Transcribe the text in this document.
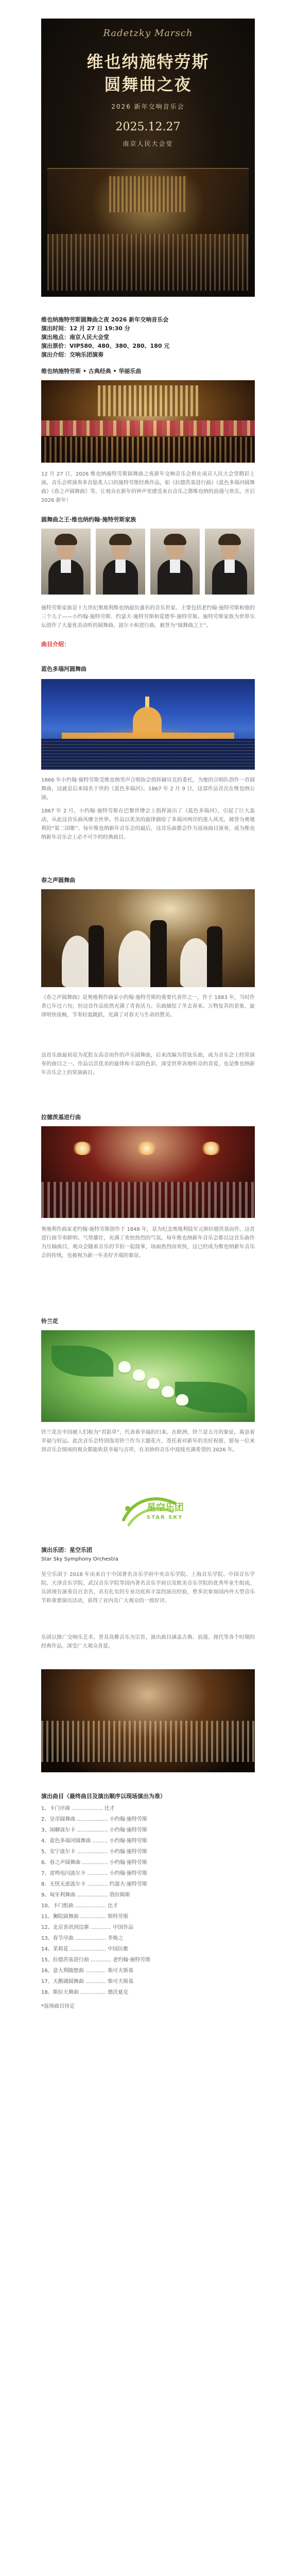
Radetzky Marsch
维也纳施特劳斯
圆舞曲之夜
2026 新年交响音乐会
2025.12.27
南京人民大会堂
维也纳施特劳斯圆舞曲之夜 2026 新年交响音乐会
演出时间：12 月 27 日 19:30 分
演出地点：南京人民大会堂
演出票价：VIP580、480、380、280、180 元
演出介绍：交响乐团演奏
维也纳施特劳斯 • 古典经典 • 华丽乐曲
12 月 27 日，2026 维也纳施特劳斯圆舞曲之夜新年交响音乐会将在南京人民大会堂精彩上演。音乐会将演奏多首脍炙人口的施特劳斯经典作品，如《拉德茨基进行曲》《蓝色多瑙河圆舞曲》《春之声圆舞曲》等，让观众在新年的钟声里感受来自音乐之都维也纳的浪漫与欢乐，开启 2026 新年！
圆舞曲之王·维也纳约翰·施特劳斯家族
施特劳斯家族是十九世纪奥地利维也纳最负盛名的音乐世家。主要包括老约翰·施特劳斯和他的三个儿子——小约翰·施特劳斯、约瑟夫·施特劳斯和爱德华·施特劳斯。施特劳斯家族为世界乐坛创作了大量优美动听的圆舞曲、波尔卡和进行曲，被誉为“圆舞曲之王”。
曲目介绍：
蓝色多瑙河圆舞曲
1866 年小约翰·施特劳斯受维也纳男声合唱协会指挥赫贝克的委托，为他的合唱队创作一首圆舞曲，这就是后来闻名于世的《蓝色多瑙河》。1867 年 2 月 9 日，这部作品首次在维也纳公演。
1867 年 2 月，小约翰·施特劳斯在巴黎世博会上指挥演出了《蓝色多瑙河》，引起了巨大轰动，从此这首乐曲风靡全世界。作品以优美的旋律描绘了多瑙河两岸的迷人风光，被誉为奥地利的“第二国歌”。每年维也纳新年音乐会的最后，这首乐曲都会作为返场曲目演奏，成为维也纳新年音乐会上必不可少的经典曲目。
春之声圆舞曲
《春之声圆舞曲》是奥地利作曲家小约翰·施特劳斯的重要代表作之一，作于 1883 年，当时作者已年过六旬，但这首作品依然充满了青春活力。乐曲描绘了冬去春来、万物复苏的景象，旋律明快流畅，节奏轻盈跳跃，充满了对春天与生命的赞美。
这首乐曲最初是为花腔女高音而作的声乐圆舞曲，后来改编为管弦乐曲，成为音乐会上经常演奏的曲目之一。作品以其优美的旋律和丰富的色彩，深受世界各地听众的喜爱，也是维也纳新年音乐会上的常演曲目。
拉德茨基进行曲
奥地利作曲家老约翰·施特劳斯创作于 1848 年，是为纪念奥地利陆军元帅拉德茨基而作。这首进行曲节奏鲜明、气势雄壮，充满了欢快热烈的气氛。每年维也纳新年音乐会都以这首乐曲作为压轴曲目，观众会随着音乐的节拍一起鼓掌，场面热烈而欢快，这已经成为维也纳新年音乐会的传统，也被视为新一年美好开端的象征。
铃兰花
铃兰花在中国被人们称为“君影草”，代表着幸福的归来。在欧洲，铃兰是五月的象征，寓意着幸福与好运。此次音乐会特别选用铃兰作为主题花卉，寄托着对新年的美好祝愿，愿每一位来到音乐会现场的观众都能收获幸福与吉祥，在美妙的音乐中迎接充满希望的 2026 年。
星空乐团
STAR SKY
演出乐团：星空乐团
Star Sky Symphony Orchestra
星空乐团于 2018 年由来自于中国著名音乐学府中央音乐学院、上海音乐学院、中国音乐学院、天津音乐学院、武汉音乐学院等国内著名音乐学府以及欧美音乐学院的优秀毕业生组成。乐团现有演奏员百余名，具有扎实的专业功底和丰富的演出经验，曾多次参加国内外大型音乐节和重要演出活动，获得了业内及广大观众的一致好评。
乐团以推广交响乐艺术、普及高雅音乐为宗旨，演出曲目涵盖古典、浪漫、现代等各个时期的经典作品，深受广大观众喜爱。
演出曲目（最终曲目及演出顺序以现场演出为准）
1、卡门序曲 ……………… 比才
2、皇帝圆舞曲 ……………… 小约翰·施特劳斯
3、闲聊波尔卡 ……………… 小约翰·施特劳斯
4、蓝色多瑙河圆舞曲 ……… 小约翰·施特劳斯
5、安宁波尔卡 ……………… 小约翰·施特劳斯
6、春之声圆舞曲 …………… 小约翰·施特劳斯
7、雷鸣电闪波尔卡 ………… 小约翰·施特劳斯
8、无忧无虑波尔卡 ………… 约瑟夫·施特劳斯
9、匈牙利舞曲 ……………… 勃拉姆斯
10、卡门组曲 ……………… 比才
11、狮院圆舞曲 …………… 斯特劳斯
12、北京喜讯到边寨 ………… 中国作品
13、春节序曲 ……………… 李焕之
14、茉莉花 ………………… 中国民歌
15、拉德茨基进行曲 ………… 老约翰·施特劳斯
16、意大利随想曲 ………… 柴可夫斯基
17、天鹅湖圆舞曲 ………… 柴可夫斯基
18、斯拉夫舞曲 …………… 德沃夏克
*返场曲目待定
